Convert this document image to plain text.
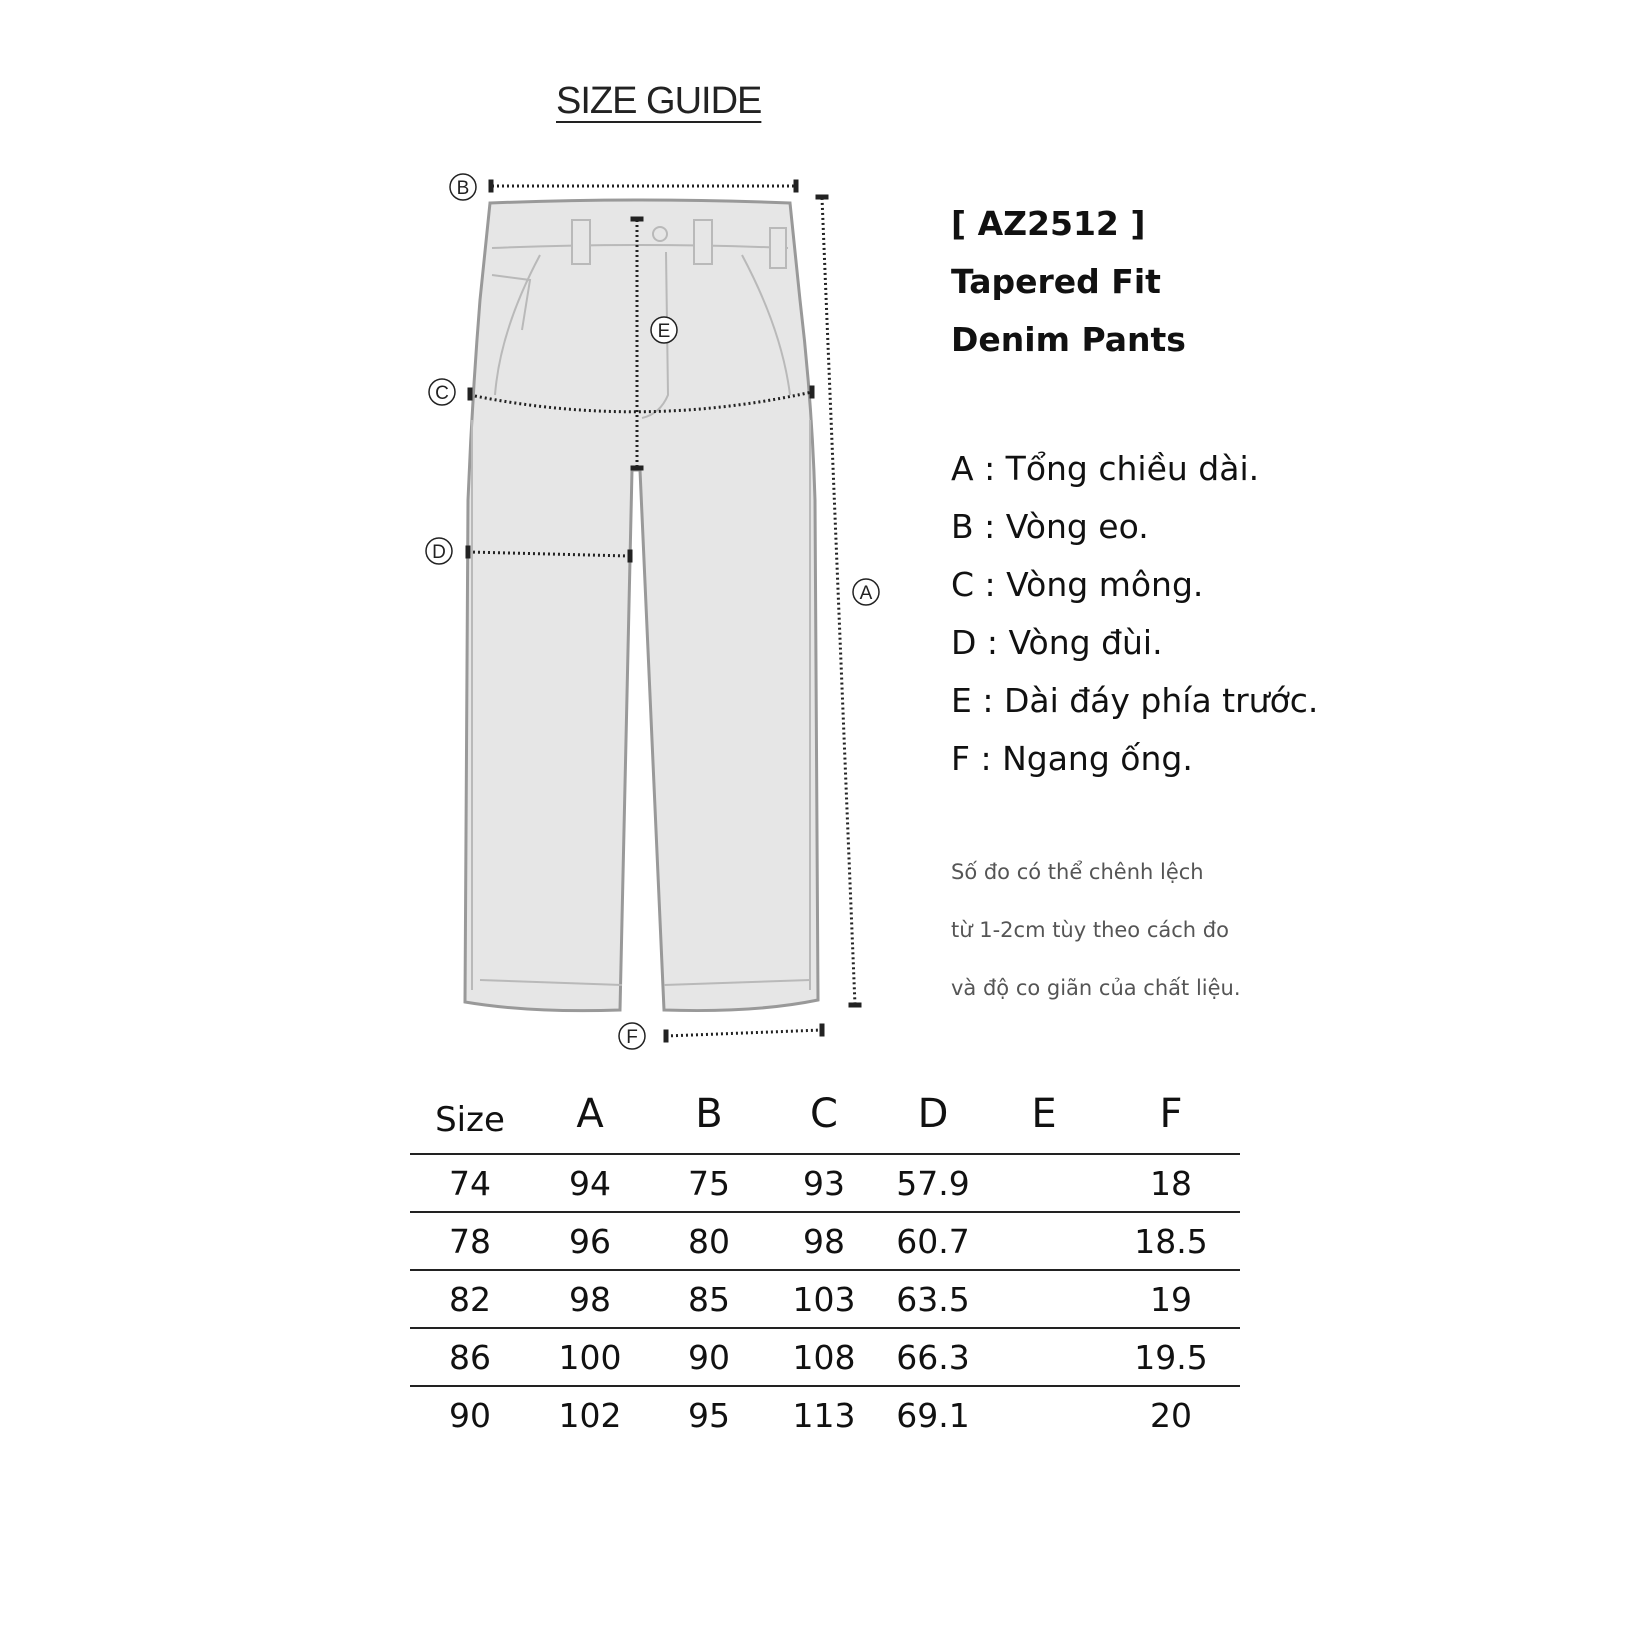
SIZE GUIDE
B
C
D
E
A
F
[ AZ2512 ]
Tapered Fit
Denim Pants
A : Tổng chiều dài.
B : Vòng eo.
C : Vòng mông.
D : Vòng đùi.
E : Dài đáy phía trước.
F : Ngang ống.
Số đo có thể chênh lệch
từ 1-2cm tùy theo cách đo
và độ co giãn của chất liệu.
Size	A	B	C	D	E	F
74	94	75	93	57.9		18
78	96	80	98	60.7		18.5
82	98	85	103	63.5		19
86	100	90	108	66.3		19.5
90	102	95	113	69.1		20
